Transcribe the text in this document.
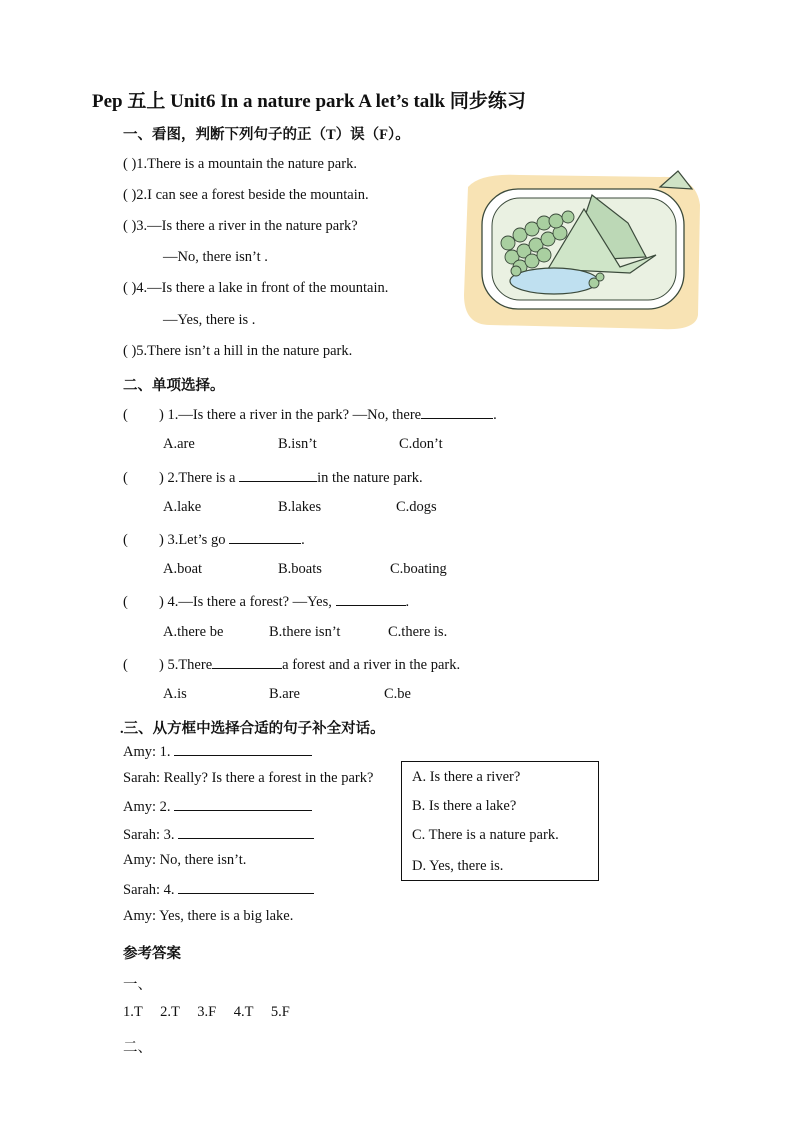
Pep 五上 Unit6 In a nature park A let’s talk 同步练习
一、看图，判断下列句子的正（T）误（F）。
( )1.There is a mountain the nature park.
( )2.I can see a forest beside the mountain.
( )3.—Is there a river in the nature park?
—No, there isn’t .
( )4.—Is there a lake in front of the mountain.
—Yes, there is .
( )5.There isn’t a hill in the nature park.
二、单项选择。
( ) 1.—Is there a river in the park? —No, there	.
A.are	B.isn’t	C.don’t
( ) 2.There is a	in the nature park.
A.lake	B.lakes	C.dogs
( ) 3.Let’s go	.
A.boat	B.boats	C.boating
( ) 4.—Is there a forest? —Yes,	.
A.there be	B.there isn’t	C.there is.
( ) 5.There	a forest and a river in the park.
A.is	B.are	C.be
.三、从方框中选择合适的句子补全对话。
Amy: 1.
Sarah: Really? Is there a forest in the park?
Amy: 2.
Sarah: 3.
Amy: No, there isn’t.
Sarah: 4.
Amy: Yes, there is a big lake.
A. Is there a river?
B. Is there a lake?
C. There is a nature park.
D. Yes, there is.
参考答案
一、
1.T 2.T 3.F 4.T 5.F
二、
